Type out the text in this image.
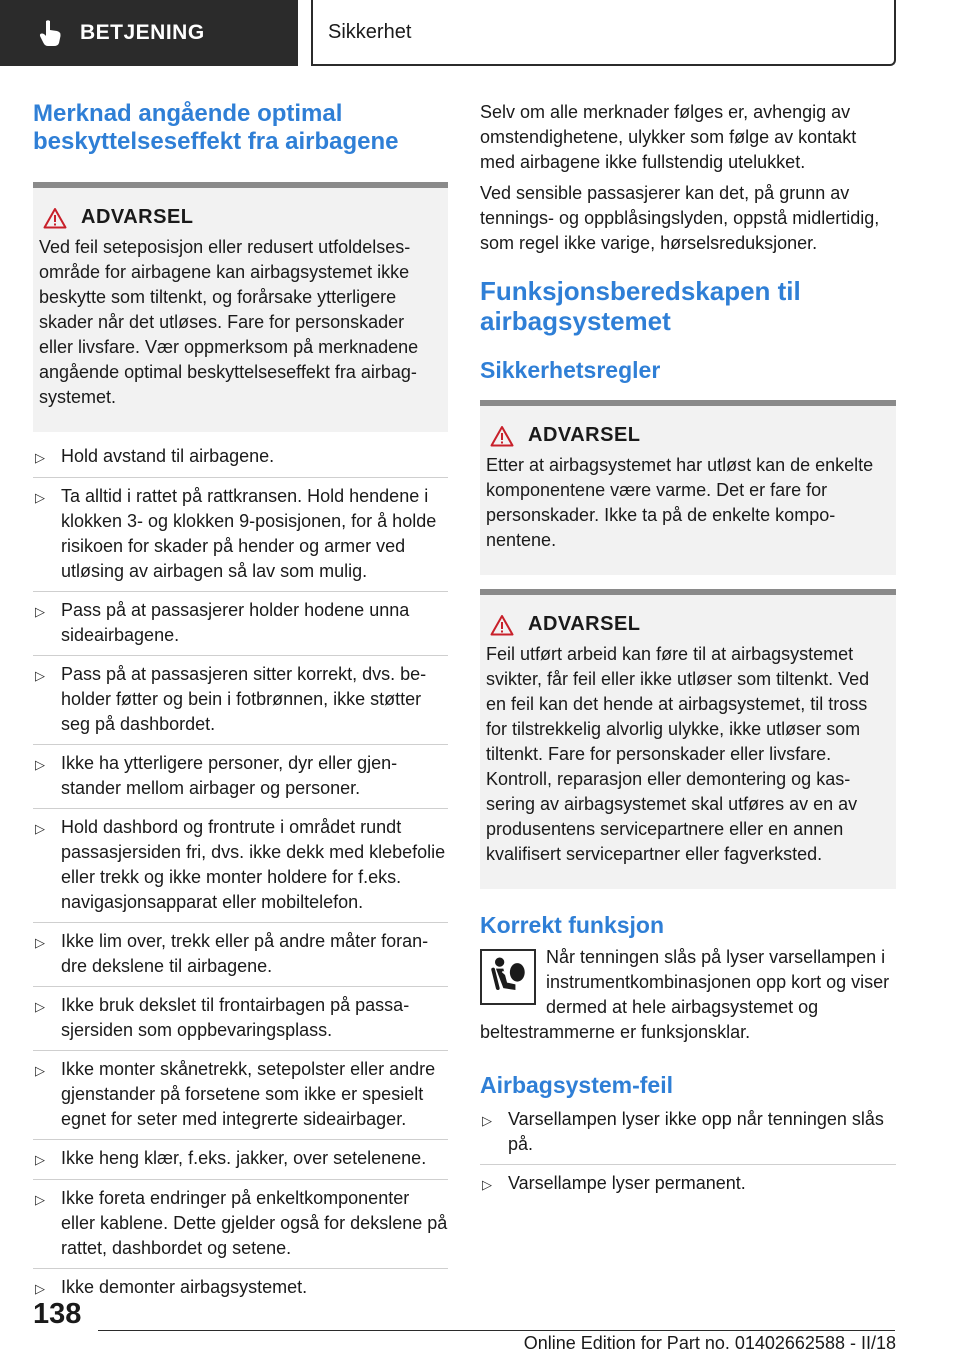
BETJENING	Sikkerhet
Merknad angående optimal beskyttelseseffekt fra airbagene
ADVARSEL

Ved feil seteposisjon eller redusert utfoldelsesområde for airbagene kan airbagsystemet ikke beskytte som tiltenkt, og forårsake ytterligere skader når det utløses. Fare for personskader eller livsfare. Vær oppmerksom på merknadene angående optimal beskyttelseseffekt fra airbagsystemet.

▷ Hold avstand til airbagene.
▷ Ta alltid i rattet på rattkransen. Hold hendene i klokken 3- og klokken 9-posisjonen, for å holde risikoen for skader på hender og armer ved utløsing av airbagen så lav som mulig.
▷ Pass på at passasjerer holder hodene unna sideairbagene.
▷ Pass på at passasjeren sitter korrekt, dvs. beholder føtter og bein i fotbrønnen, ikke støtter seg på dashbordet.
▷ Ikke ha ytterligere personer, dyr eller gjenstander mellom airbager og personer.
▷ Hold dashbord og frontrute i området rundt passasjersiden fri, dvs. ikke dekk med klebefolie eller trekk og ikke monter holdere for f.eks. navigasjonsapparat eller mobiltelefon.
▷ Ikke lim over, trekk eller på andre måter forandre dekslene til airbagene.
▷ Ikke bruk dekslet til frontairbagen på passasjersiden som oppbevaringsplass.
▷ Ikke monter skånetrekk, setepolster eller andre gjenstander på forsetene som ikke er spesielt egnet for seter med integrerte sideairbager.
▷ Ikke heng klær, f.eks. jakker, over setelenene.
▷ Ikke foreta endringer på enkeltkomponenter eller kablene. Dette gjelder også for dekslene på rattet, dashbordet og setene.
▷ Ikke demonter airbagsystemet.

Selv om alle merknader følges er, avhengig av omstendighetene, ulykker som følge av kontakt med airbagene ikke fullstendig utelukket.

Ved sensible passasjerer kan det, på grunn av tennings- og oppblåsingslyden, oppstå midlertidig, som regel ikke varige, hørselsreduksjoner.

Funksjonsberedskapen til airbagsystemet
Sikkerhetsregler
ADVARSEL

Etter at airbagsystemet har utløst kan de enkelte komponentene være varme. Det er fare for personskader. Ikke ta på de enkelte komponentene.

ADVARSEL

Feil utført arbeid kan føre til at airbagsystemet svikter, får feil eller ikke utløser som tiltenkt. Ved en feil kan det hende at airbagsystemet, til tross for tilstrekkelig alvorlig ulykke, ikke utløser som tiltenkt. Fare for personskader eller livsfare. Kontroll, reparasjon eller demontering og kassering av airbagsystemet skal utføres av en av produsentens servicepartnere eller en annen kvalifisert servicepartner eller fagverksted.

Korrekt funksjon

Når tenningen slås på lyser varsellampen i instrumentkombinasjonen opp kort og viser dermed at hele airbagsystemet og beltestrammerne er funksjonsklar.

Airbagsystem-feil
▷ Varsellampen lyser ikke opp når tenningen slås på.
▷ Varsellampe lyser permanent.
138
Online Edition for Part no. 01402662588 - II/18
